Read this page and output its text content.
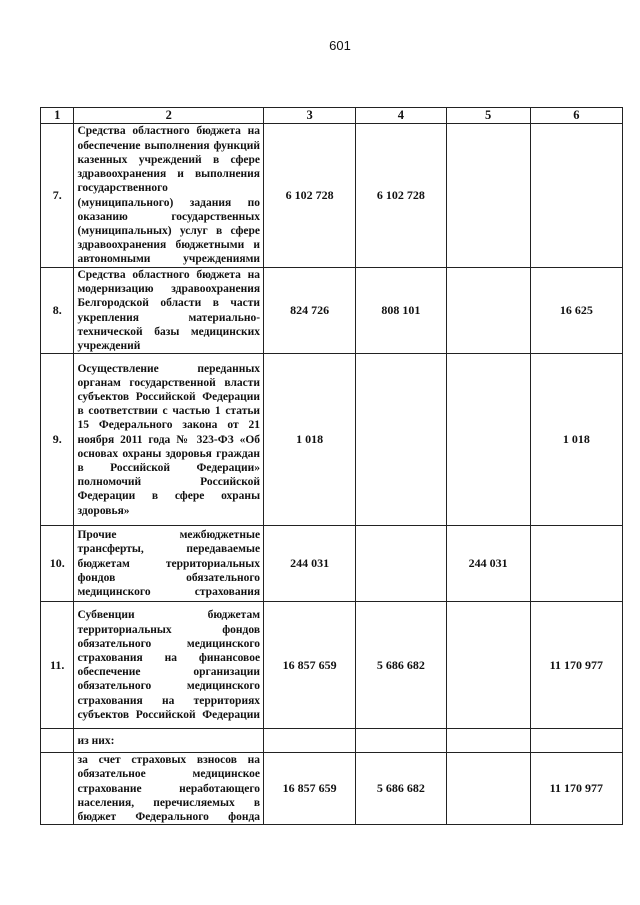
601
1	2	3	4	5	6
7.	Средства областного бюджета на обеспечение выполнения функций казенных учреждений в сфере здравоохранения и выполнения государственного (муниципального) задания по оказанию государственных (муниципальных) услуг в сфере здравоохранения бюджетными и автономными учреждениями	6 102 728	6 102 728		
8.	Средства областного бюджета на модернизацию здравоохранения Белгородской области в части укрепления материально-технической базы медицинских учреждений	824 726	808 101		16 625
9.	Осуществление переданных органам государственной власти субъектов Российской Федерации в соответствии с частью 1 статьи 15 Федерального закона от 21 ноября 2011 года № 323-ФЗ «Об основах охраны здоровья граждан в Российской Федерации» полномочий Российской Федерации в сфере охраны здоровья»	1 018			1 018
10.	Прочие межбюджетные трансферты, передаваемые бюджетам территориальных фондов обязательного медицинского страхования	244 031		244 031	
11.	Субвенции бюджетам территориальных фондов обязательного медицинского страхования на финансовое обеспечение организации обязательного медицинского страхования на территориях субъектов Российской Федерации	16 857 659	5 686 682		11 170 977
	из них:				
	за счет страховых взносов на обязательное медицинское страхование неработающего населения, перечисляемых в бюджет Федерального фонда	16 857 659	5 686 682		11 170 977
